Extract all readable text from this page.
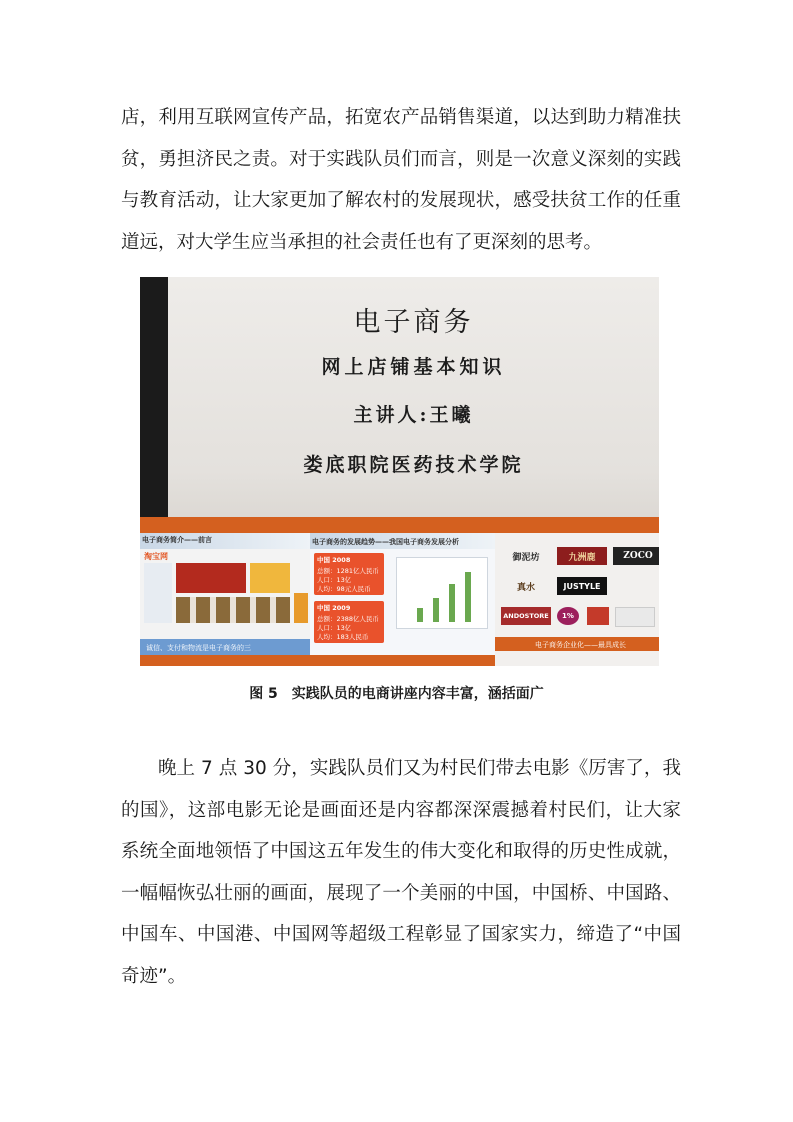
店，利用互联网宣传产品，拓宽农产品销售渠道，以达到助力精准扶贫，勇担济民之责。对于实践队员们而言，则是一次意义深刻的实践与教育活动，让大家更加了解农村的发展现状，感受扶贫工作的任重道远，对大学生应当承担的社会责任也有了更深刻的思考。

电子商务
网上店铺基本知识
主讲人:王曦
娄底职院医药技术学院
电子商务简介——前言
淘宝网
诚信、支付和物流是电子商务的三
电子商务的发展趋势——我国电子商务发展分析
中国 2008
总额：1281亿人民币
人口：13亿
人均：98元人民币
中国 2009
总额：2388亿人民币
人口：13亿
人均：183人民币
御泥坊	九洲鹿	ZOCO
真水	JUSTYLE
ANDOSTORE	1%
电子商务企业化——最具成长
图 5　实践队员的电商讲座内容丰富，涵括面广

晚上 7 点 30 分，实践队员们又为村民们带去电影《厉害了，我的国》，这部电影无论是画面还是内容都深深震撼着村民们，让大家系统全面地领悟了中国这五年发生的伟大变化和取得的历史性成就，一幅幅恢弘壮丽的画面，展现了一个美丽的中国，中国桥、中国路、中国车、中国港、中国网等超级工程彰显了国家实力，缔造了“中国奇迹”。
